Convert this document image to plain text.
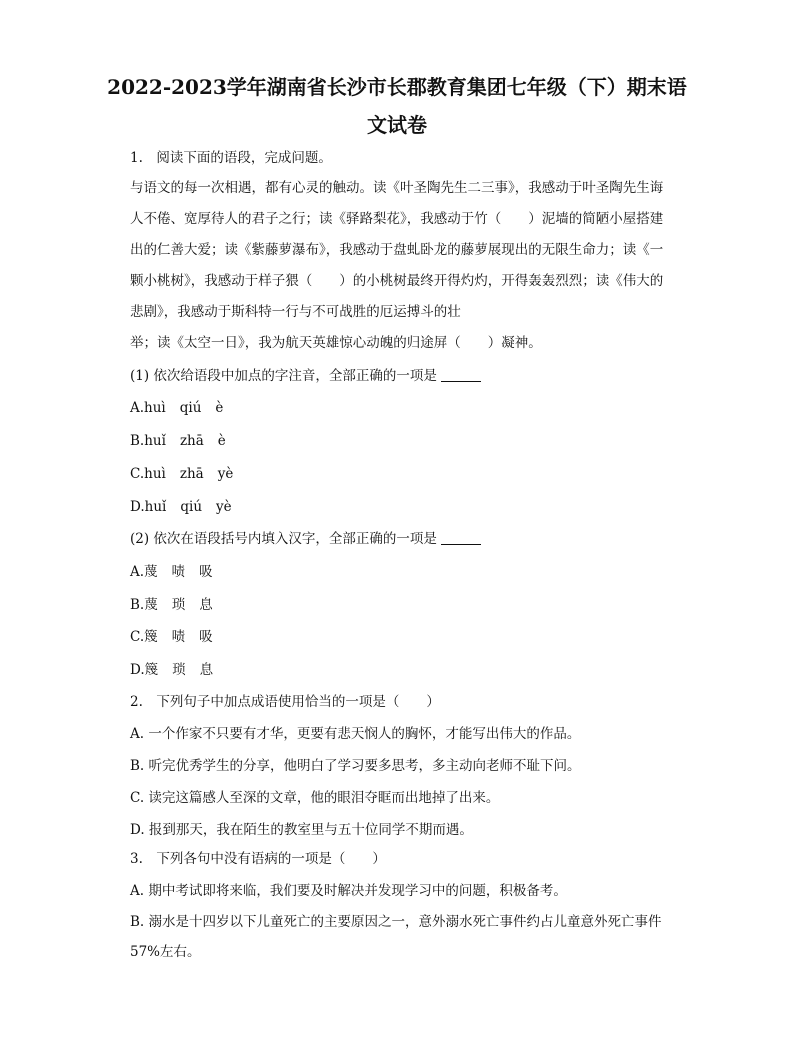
2022-2023学年湖南省长沙市长郡教育集团七年级（下）期末语
文试卷
1.　阅读下面的语段，完成问题。
与语文的每一次相遇，都有心灵的触动。读《叶圣陶先生二三事》，我感动于叶圣陶先生诲
人不倦、宽厚待人的君子之行；读《驿路梨花》，我感动于竹（　　）泥墙的简陋小屋搭建
出的仁善大爱；读《紫藤萝瀑布》，我感动于盘虬卧龙的藤萝展现出的无限生命力；读《一
颗小桃树》，我感动于样子猥（　　）的小桃树最终开得灼灼，开得轰轰烈烈；读《伟大的
悲剧》，我感动于斯科特一行与不可战胜的厄运搏斗的壮
举；读《太空一日》，我为航天英雄惊心动魄的归途屏（　　）凝神。
(1) 依次给语段中加点的字注音，全部正确的一项是
A.huì qiú è
B.huǐ zhā è
C.huì zhā yè
D.huǐ qiú yè
(2) 依次在语段括号内填入汉字，全部正确的一项是
A.蔑 啧 吸
B.蔑 琐 息
C.篾 啧 吸
D.篾 琐 息
2.　下列句子中加点成语使用恰当的一项是（　　）
A. 一个作家不只要有才华，更要有悲天悯人的胸怀，才能写出伟大的作品。
B. 听完优秀学生的分享，他明白了学习要多思考，多主动向老师不耻下问。
C. 读完这篇感人至深的文章，他的眼泪夺眶而出地掉了出来。
D. 报到那天，我在陌生的教室里与五十位同学不期而遇。
3.　下列各句中没有语病的一项是（　　）
A. 期中考试即将来临，我们要及时解决并发现学习中的问题，积极备考。
B. 溺水是十四岁以下儿童死亡的主要原因之一，意外溺水死亡事件约占儿童意外死亡事件
57%左右。
